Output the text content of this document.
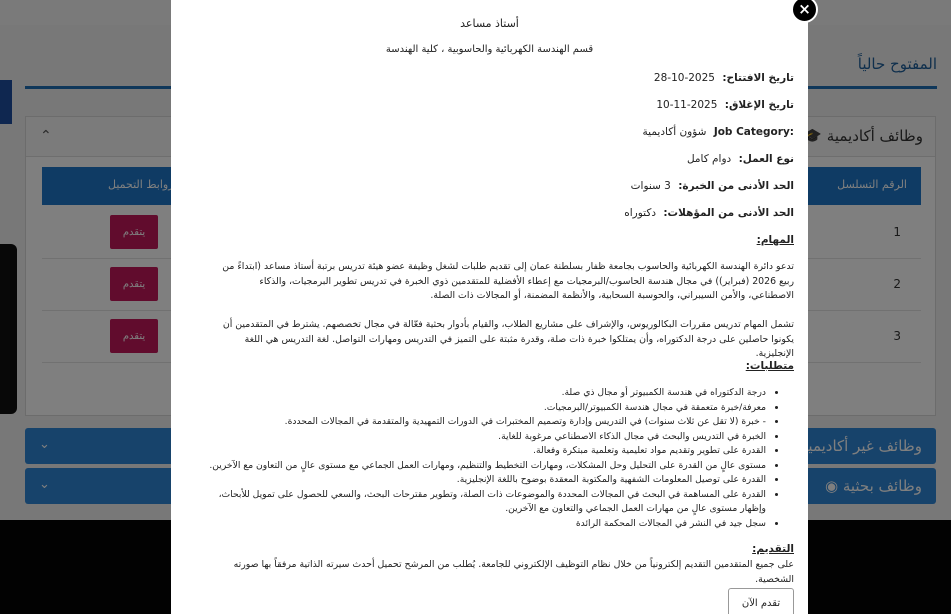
أستاذ مساعد
قسم الهندسة الكهربائية والحاسوبية ، كلية الهندسة
تاريخ الافتتاح: 2025-10-28
تاريخ الإغلاق: 2025-11-10
Job Category: شؤون أكاديمية
نوع العمل: دوام كامل
الحد الأدنى من الخبرة: 3 سنوات
الحد الأدنى من المؤهلات: دكتوراه
المهام:
تدعو دائرة الهندسة الكهربائية والحاسوب بجامعة ظفار بسلطنة عمان إلى تقديم طلبات لشغل وظيفة عضو هيئة تدريس برتبة أستاذ مساعد (ابتداءً من ربيع 2026 (فبراير)) في مجال هندسة الحاسوب/البرمجيات مع إعطاء الأفضلية للمتقدمين ذوي الخبرة في تدريس تطوير البرمجيات، والذكاء الاصطناعي، والأمن السيبراني، والحوسبة السحابية، والأنظمة المضمنة، أو المجالات ذات الصلة.
تشمل المهام تدريس مقررات البكالوريوس، والإشراف على مشاريع الطلاب، والقيام بأدوار بحثية فعّالة في مجال تخصصهم. يشترط في المتقدمين أن يكونوا حاصلين على درجة الدكتوراه، وأن يمتلكوا خبرة ذات صلة، وقدرة مثبتة على التميز في التدريس ومهارات التواصل. لغة التدريس هي اللغة الإنجليزية.
متطلبات:
• درجة الدكتوراه في هندسة الكمبيوتر أو مجال ذي صلة.
• معرفة/خبرة متعمقة في مجال هندسة الكمبيوتر/البرمجيات.
• - خبرة (لا تقل عن ثلاث سنوات) في التدريس وإدارة وتصميم المختبرات في الدورات التمهيدية والمتقدمة في المجالات المحددة.
• الخبرة في التدريس والبحث في مجال الذكاء الاصطناعي مرغوبة للغاية.
• القدرة على تطوير وتقديم مواد تعليمية وتعلمية مبتكرة وفعالة.
• مستوى عالٍ من القدرة على التحليل وحل المشكلات، ومهارات التخطيط والتنظيم، ومهارات العمل الجماعي مع مستوى عالٍ من التعاون مع الآخرين.
• القدرة على توصيل المعلومات الشفهية والمكتوبة المعقدة بوضوح باللغة الإنجليزية.
• القدرة على المساهمة في البحث في المجالات المحددة والموضوعات ذات الصلة، وتطوير مقترحات البحث، والسعي للحصول على تمويل للأبحاث، وإظهار مستوى عالٍ من مهارات العمل الجماعي والتعاون مع الآخرين.
• سجل جيد في النشر في المجالات المحكمة الرائدة
التقديم:
على جميع المتقدمين التقديم إلكترونياً من خلال نظام التوظيف الإلكتروني للجامعة. يُطلب من المرشح تحميل أحدث سيرته الذاتية مرفقاً بها صورته الشخصية.
تقدم الآن
×
